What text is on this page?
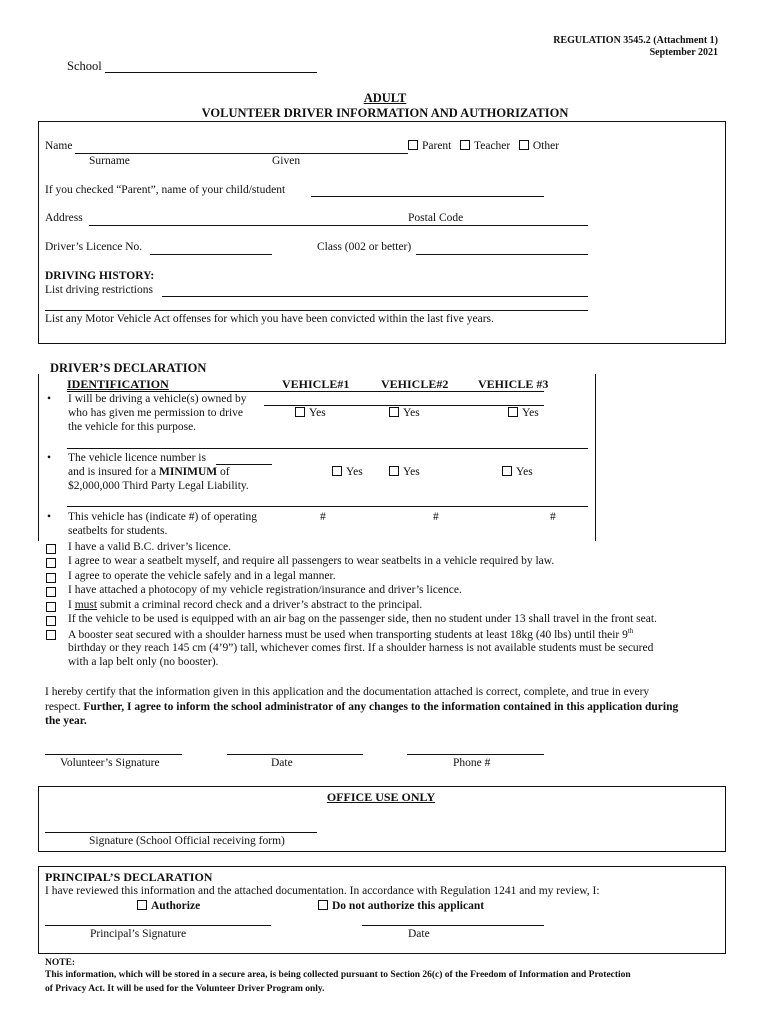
REGULATION 3545.2 (Attachment 1)
September 2021
School
ADULT
VOLUNTEER DRIVER INFORMATION AND AUTHORIZATION
Name	Parent Teacher Other
Surname	Given
If you checked “Parent”, name of your child/student
Address	Postal Code
Driver’s Licence No.	Class (002 or better)
DRIVING HISTORY:
List driving restrictions
List any Motor Vehicle Act offenses for which you have been convicted within the last five years.
DRIVER’S DECLARATION
IDENTIFICATION	VEHICLE#1	VEHICLE#2 VEHICLE #3
• I will be driving a vehicle(s) owned by
who has given me permission to drive
the vehicle for this purpose.
Yes	Yes	Yes
• The vehicle licence number is
and is insured for a MINIMUM of
$2,000,000 Third Party Legal Liability.
Yes	Yes	Yes
• This vehicle has (indicate #) of operating
seatbelts for students.
#	#	#
I have a valid B.C. driver’s licence.
I agree to wear a seatbelt myself, and require all passengers to wear seatbelts in a vehicle required by law.
I agree to operate the vehicle safely and in a legal manner.
I have attached a photocopy of my vehicle registration/insurance and driver’s licence.
I must submit a criminal record check and a driver’s abstract to the principal.
If the vehicle to be used is equipped with an air bag on the passenger side, then no student under 13 shall travel in the front seat.
A booster seat secured with a shoulder harness must be used when transporting students at least 18kg (40 lbs) until their 9th
birthday or they reach 145 cm (4’9”) tall, whichever comes first. If a shoulder harness is not available students must be secured
with a lap belt only (no booster).
I hereby certify that the information given in this application and the documentation attached is correct, complete, and true in every
respect. Further, I agree to inform the school administrator of any changes to the information contained in this application during
the year.
Volunteer’s Signature	Date	Phone #
OFFICE USE ONLY
Signature (School Official receiving form)
PRINCIPAL’S DECLARATION
I have reviewed this information and the attached documentation. In accordance with Regulation 1241 and my review, I:
Authorize	Do not authorize this applicant
Principal’s Signature	Date
NOTE:
This information, which will be stored in a secure area, is being collected pursuant to Section 26(c) of the Freedom of Information and Protection
of Privacy Act. It will be used for the Volunteer Driver Program only.
